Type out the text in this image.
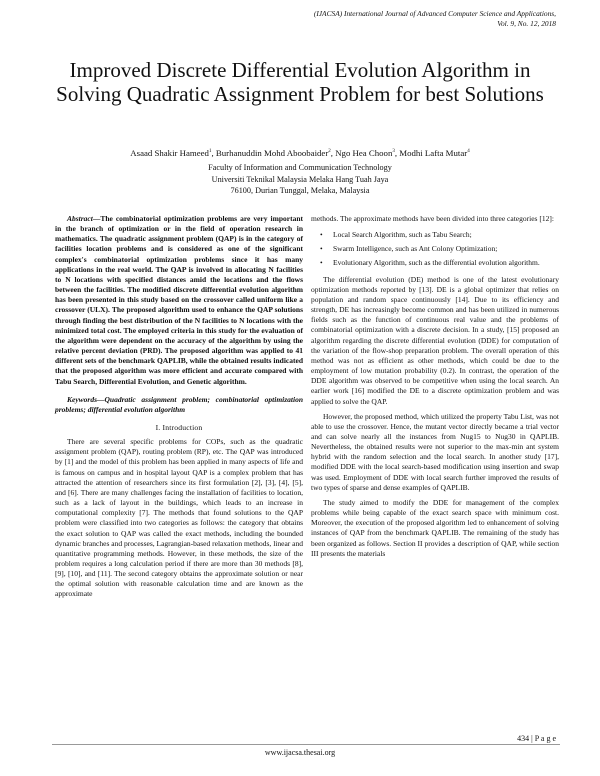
(IJACSA) International Journal of Advanced Computer Science and Applications,
Vol. 9, No. 12, 2018
Improved Discrete Differential Evolution Algorithm in Solving Quadratic Assignment Problem for best Solutions
Asaad Shakir Hameed$^1$, Burhanuddin Mohd Aboobaider$^2$, Ngo Hea Choon$^3$, Modhi Lafta Mutar$^4$
Faculty of Information and Communication Technology
Universiti Teknikal Malaysia Melaka Hang Tuah Jaya
76100, Durian Tunggal, Melaka, Malaysia

Abstract—The combinatorial optimization problems are very important in the branch of optimization or in the field of operation research in mathematics. The quadratic assignment problem (QAP) is in the category of facilities location problems and is considered as one of the significant complex's combinatorial optimization problems since it has many applications in the real world. The QAP is involved in allocating N facilities to N locations with specified distances amid the locations and the flows between the facilities. The modified discrete differential evolution algorithm has been presented in this study based on the crossover called uniform like a crossover (ULX). The proposed algorithm used to enhance the QAP solutions through finding the best distribution of the N facilities to N locations with the minimized total cost. The employed criteria in this study for the evaluation of the algorithm were dependent on the accuracy of the algorithm by using the relative percent deviation (PRD). The proposed algorithm was applied to 41 different sets of the benchmark QAPLIB, while the obtained results indicated that the proposed algorithm was more efficient and accurate compared with Tabu Search, Differential Evolution, and Genetic algorithm.

Keywords—Quadratic assignment problem; combinatorial optimization problems; differential evolution algorithm

I. Introduction

There are several specific problems for COPs, such as the quadratic assignment problem (QAP), routing problem (RP), etc. The QAP was introduced by [1] and the model of this problem has been applied in many aspects of life and is famous on campus and in hospital layout QAP is a complex problem that has attracted the attention of researchers since its first formulation [2], [3], [4], [5], and [6]. There are many challenges facing the installation of facilities to location, such as a lack of layout in the buildings, which leads to an increase in computational complexity [7]. The methods that found solutions to the QAP problem were classified into two categories as follows: the category that obtains the exact solution to QAP was called the exact methods, including the bounded dynamic branches and processes, Lagrangian-based relaxation methods, linear and quantitative programming methods. However, in these methods, the size of the problem requires a long calculation period if there are more than 30 methods [8], [9], [10], and [11]. The second category obtains the approximate solution or near the optimal solution with reasonable calculation time and are known as the approximate

methods. The approximate methods have been divided into three categories [12]:

• Local Search Algorithm, such as Tabu Search;
• Swarm Intelligence, such as Ant Colony Optimization;
• Evolutionary Algorithm, such as the differential evolution algorithm.

The differential evolution (DE) method is one of the latest evolutionary optimization methods reported by [13]. DE is a global optimizer that relies on population and random space continuously [14]. Due to its efficiency and strength, DE has increasingly become common and has been utilized in numerous fields such as the function of continuous real value and the problems of combinatorial optimization with a discrete decision. In a study, [15] proposed an algorithm regarding the discrete differential evolution (DDE) for computation of the variation of the flow-shop preparation problem. The overall operation of this method was not as efficient as other methods, which could be due to the employment of low mutation probability (0.2). In contrast, the operation of the DDE algorithm was observed to be competitive when using the local search. An earlier work [16] modified the DE to a discrete optimization problem and was applied to solve the QAP.

However, the proposed method, which utilized the property Tabu List, was not able to use the crossover. Hence, the mutant vector directly became a trial vector and can solve nearly all the instances from Nug15 to Nug30 in QAPLIB. Nevertheless, the obtained results were not superior to the max-min ant system hybrid with the random selection and the local search. In another study [17], modified DDE with the local search-based modification using insertion and swap was used. Employment of DDE with local search further improved the results of two types of sparse and dense examples of QAPLIB.

The study aimed to modify the DDE for management of the complex problems while being capable of the exact search space with minimum cost. Moreover, the execution of the proposed algorithm led to enhancement of solving instances of QAP from the benchmark QAPLIB. The remaining of the study has been organized as follows. Section II provides a description of QAP, while section III presents the materials

434 | P a g e
www.ijacsa.thesai.org
